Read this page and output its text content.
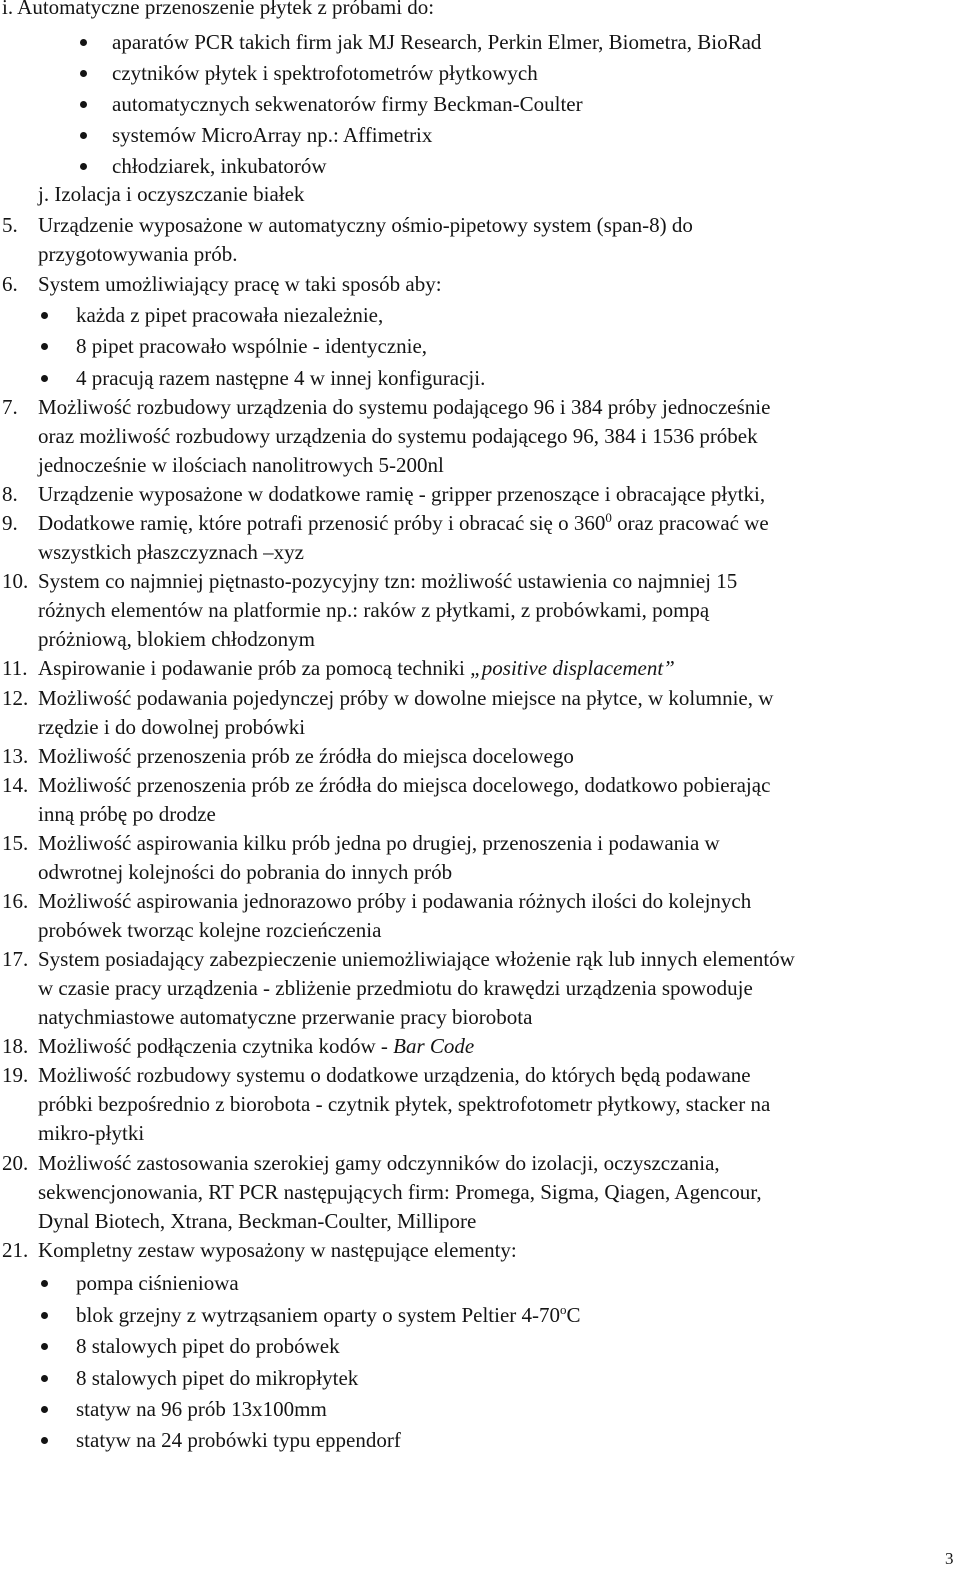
i. Automatyczne przenoszenie płytek z próbami do:

aparatów PCR takich firm jak MJ Research, Perkin Elmer, Biometra, BioRad

czytników płytek i spektrofotometrów płytkowych

automatycznych sekwenatorów firmy Beckman-Coulter

systemów MicroArray np.: Affimetrix

chłodziarek, inkubatorów

j. Izolacja i oczyszczanie białek

5. Urządzenie wyposażone w automatyczny ośmio-pipetowy system (span-8) do

przygotowywania prób.

6. System umożliwiający pracę w taki sposób aby:

każda z pipet pracowała niezależnie,

8 pipet pracowało wspólnie - identycznie,

4 pracują razem następne 4 w innej konfiguracji.

7. Możliwość rozbudowy urządzenia do systemu podającego 96 i 384 próby jednocześnie

oraz możliwość rozbudowy urządzenia do systemu podającego 96, 384 i 1536 próbek

jednocześnie w ilościach nanolitrowych 5-200nl

8. Urządzenie wyposażone w dodatkowe ramię - gripper przenoszące i obracające płytki,

9. Dodatkowe ramię, które potrafi przenosić próby i obracać się o $360^0$ oraz pracować we

wszystkich płaszczyznach –xyz

10. System co najmniej piętnasto-pozycyjny tzn: możliwość ustawienia co najmniej 15

różnych elementów na platformie np.: raków z płytkami, z probówkami, pompą

próżniową, blokiem chłodzonym

11. Aspirowanie i podawanie prób za pomocą techniki „positive displacement”

12. Możliwość podawania pojedynczej próby w dowolne miejsce na płytce, w kolumnie, w

rzędzie i do dowolnej probówki

13. Możliwość przenoszenia prób ze źródła do miejsca docelowego

14. Możliwość przenoszenia prób ze źródła do miejsca docelowego, dodatkowo pobierając

inną próbę po drodze

15. Możliwość aspirowania kilku prób jedna po drugiej, przenoszenia i podawania w

odwrotnej kolejności do pobrania do innych prób

16. Możliwość aspirowania jednorazowo próby i podawania różnych ilości do kolejnych

probówek tworząc kolejne rozcieńczenia

17. System posiadający zabezpieczenie uniemożliwiające włożenie rąk lub innych elementów

w czasie pracy urządzenia - zbliżenie przedmiotu do krawędzi urządzenia spowoduje

natychmiastowe automatyczne przerwanie pracy biorobota

18. Możliwość podłączenia czytnika kodów - Bar Code

19. Możliwość rozbudowy systemu o dodatkowe urządzenia, do których będą podawane

próbki bezpośrednio z biorobota - czytnik płytek, spektrofotometr płytkowy, stacker na

mikro-płytki

20. Możliwość zastosowania szerokiej gamy odczynników do izolacji, oczyszczania,

sekwencjonowania, RT PCR następujących firm: Promega, Sigma, Qiagen, Agencour,

Dynal Biotech, Xtrana, Beckman-Coulter, Millipore

21. Kompletny zestaw wyposażony w następujące elementy:

pompa ciśnieniowa

blok grzejny z wytrząsaniem oparty o system Peltier 4-70$^o$C

8 stalowych pipet do probówek

8 stalowych pipet do mikropłytek

statyw na 96 prób 13x100mm

statyw na 24 probówki typu eppendorf

3
